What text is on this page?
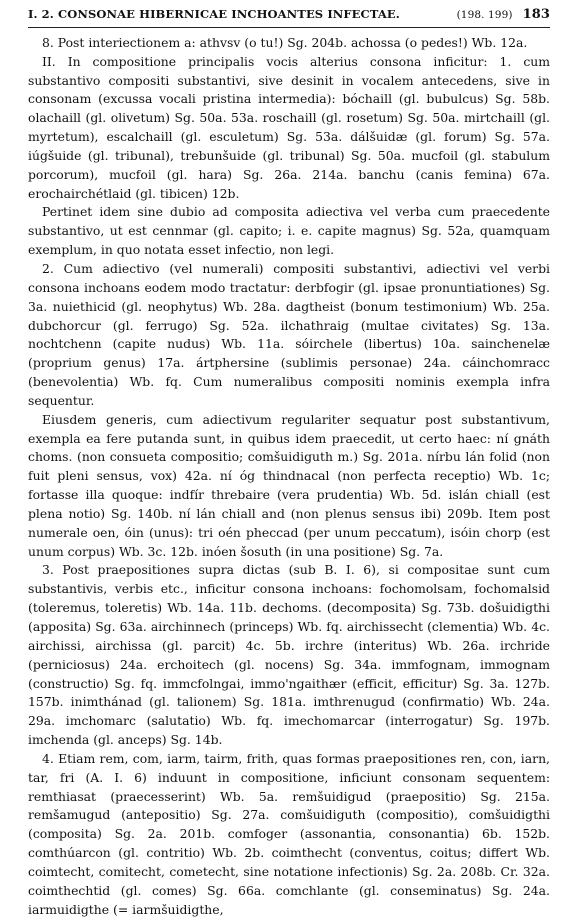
I. 2. CONSONAE HIBERNICAE INCHOANTES INFECTAE.	(198. 199) 183

8. Post interiectionem a: athvsv (o tu!) Sg. 204b. achossa (o pedes!) Wb. 12a.

II. In compositione principalis vocis alterius consona inficitur: 1. cum substantivo compositi substantivi, sive desinit in vocalem antecedens, sive in consonam (excussa vocali pristina intermedia): bóchaill (gl. bubulcus) Sg. 58b. olachaill (gl. olivetum) Sg. 50a. 53a. roschaill (gl. rosetum) Sg. 50a. mirtchaill (gl. myrtetum), escalchaill (gl. esculetum) Sg. 53a. dálšuidæ (gl. forum) Sg. 57a. iúgšuide (gl. tribunal), trebunšuide (gl. tribunal) Sg. 50a. mucfoil (gl. stabulum porcorum), mucfoil (gl. hara) Sg. 26a. 214a. banchu (canis femina) 67a. erochairchétlaid (gl. tibicen) 12b.

Pertinet idem sine dubio ad composita adiectiva vel verba cum praecedente substantivo, ut est cennmar (gl. capito; i. e. capite magnus) Sg. 52a, quamquam exemplum, in quo notata esset infectio, non legi.

2. Cum adiectivo (vel numerali) compositi substantivi, adiectivi vel verbi consona inchoans eodem modo tractatur: derbfogir (gl. ipsae pronuntiationes) Sg. 3a. nuiethicid (gl. neophytus) Wb. 28a. dagtheist (bonum testimonium) Wb. 25a. dubchorcur (gl. ferrugo) Sg. 52a. ilchathraig (multae civitates) Sg. 13a. nochtchenn (capite nudus) Wb. 11a. sóirchele (libertus) 10a. sainchenelæ (proprium genus) 17a. ártphersine (sublimis personae) 24a. cáinchomracc (benevolentia) Wb. fq. Cum numeralibus compositi nominis exempla infra sequentur.

Eiusdem generis, cum adiectivum regulariter sequatur post substantivum, exempla ea fere putanda sunt, in quibus idem praecedit, ut certo haec: ní gnáth choms. (non consueta compositio; comšuidiguth m.) Sg. 201a. nírbu lán folid (non fuit pleni sensus, vox) 42a. ní óg thindnacal (non perfecta receptio) Wb. 1c; fortasse illa quoque: indfír threbaire (vera prudentia) Wb. 5d. islán chiall (est plena notio) Sg. 140b. ní lán chiall and (non plenus sensus ibi) 209b. Item post numerale oen, óin (unus): tri oén pheccad (per unum peccatum), isóin chorp (est unum corpus) Wb. 3c. 12b. inóen šosuth (in una positione) Sg. 7a.

3. Post praepositiones supra dictas (sub B. I. 6), si compositae sunt cum substantivis, verbis etc., inficitur consona inchoans: fochomolsam, fochomalsid (toleremus, toleretis) Wb. 14a. 11b. dechoms. (decomposita) Sg. 73b. došuidigthi (apposita) Sg. 63a. airchinnech (princeps) Wb. fq. airchissecht (clementia) Wb. 4c. airchissi, airchissa (gl. parcit) 4c. 5b. irchre (interitus) Wb. 26a. irchride (perniciosus) 24a. erchoitech (gl. nocens) Sg. 34a. immfognam, immognam (constructio) Sg. fq. immcfolngai, immo'ngaithær (efficit, efficitur) Sg. 3a. 127b. 157b. inimthánad (gl. talionem) Sg. 181a. imthrenugud (confirmatio) Wb. 24a. 29a. imchomarc (salutatio) Wb. fq. imechomarcar (interrogatur) Sg. 197b. imchenda (gl. anceps) Sg. 14b.

4. Etiam rem, com, iarm, tairm, frith, quas formas praepositiones ren, con, iarn, tar, fri (A. I. 6) induunt in compositione, inficiunt consonam sequentem: remthiasat (praecesserint) Wb. 5a. remšuidigud (praepositio) Sg. 215a. remšamugud (antepositio) Sg. 27a. comšuidiguth (compositio), comšuidigthi (composita) Sg. 2a. 201b. comfoger (assonantia, consonantia) 6b. 152b. comthúarcon (gl. contritio) Wb. 2b. coimthecht (conventus, coitus; differt Wb. coimtecht, comitecht, cometecht, sine notatione infectionis) Sg. 2a. 208b. Cr. 32a. coimthechtid (gl. comes) Sg. 66a. comchlante (gl. conseminatus) Sg. 24a. iarmuidigthe (= iarmšuidigthe,
